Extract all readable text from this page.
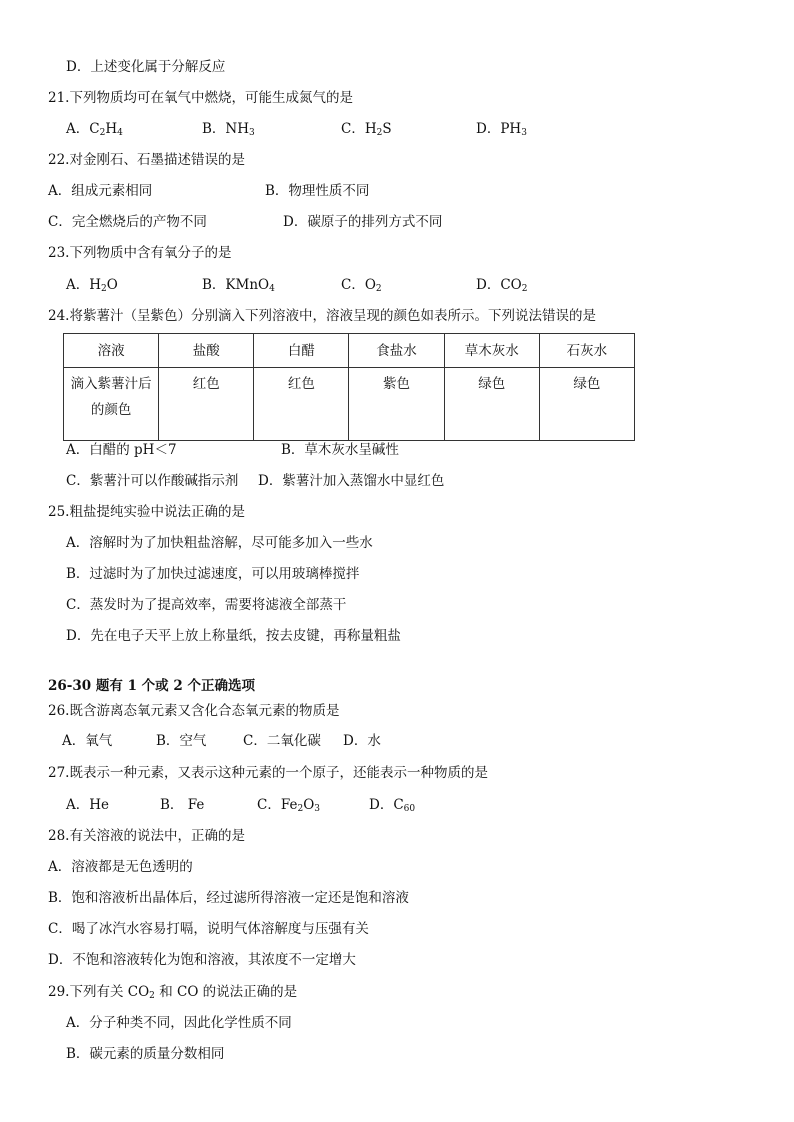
D．上述变化属于分解反应
21.下列物质均可在氧气中燃烧，可能生成氮气的是
A．$C_2H_4$	B．$NH_3$	C．$H_2S$	D．$PH_3$
22.对金刚石、石墨描述错误的是
A．组成元素相同	B．物理性质不同
C．完全燃烧后的产物不同	D．碳原子的排列方式不同
23.下列物质中含有氧分子的是
A．$H_2O$	B．KMnO$_4$	C．$O_2$	D．$CO_2$
24.将紫薯汁（呈紫色）分别滴入下列溶液中，溶液呈现的颜色如表所示。下列说法错误的是
溶液	盐酸	白醋	食盐水	草木灰水	石灰水

滴入紫薯汁后
的颜色	红色	红色	紫色	绿色	绿色
A．白醋的 pH＜7	B．草木灰水呈碱性
C．紫薯汁可以作酸碱指示剂 D．紫薯汁加入蒸馏水中显红色
25.粗盐提纯实验中说法正确的是
A．溶解时为了加快粗盐溶解，尽可能多加入一些水
B．过滤时为了加快过滤速度，可以用玻璃棒搅拌
C．蒸发时为了提高效率，需要将滤液全部蒸干
D．先在电子天平上放上称量纸，按去皮键，再称量粗盐
26-30 题有 1 个或 2 个正确选项
26.既含游离态氧元素又含化合态氧元素的物质是
A．氧气	B．空气	C．二氧化碳 D．水
27.既表示一种元素，又表示这种元素的一个原子，还能表示一种物质的是
A．He	B． Fe	C．$Fe_2O_3$	D．$C_{60}$
28.有关溶液的说法中，正确的是
A．溶液都是无色透明的
B．饱和溶液析出晶体后，经过滤所得溶液一定还是饱和溶液
C．喝了冰汽水容易打嗝，说明气体溶解度与压强有关
D．不饱和溶液转化为饱和溶液，其浓度不一定增大
29.下列有关 $CO_2$ 和 CO 的说法正确的是
A．分子种类不同，因此化学性质不同
B．碳元素的质量分数相同
